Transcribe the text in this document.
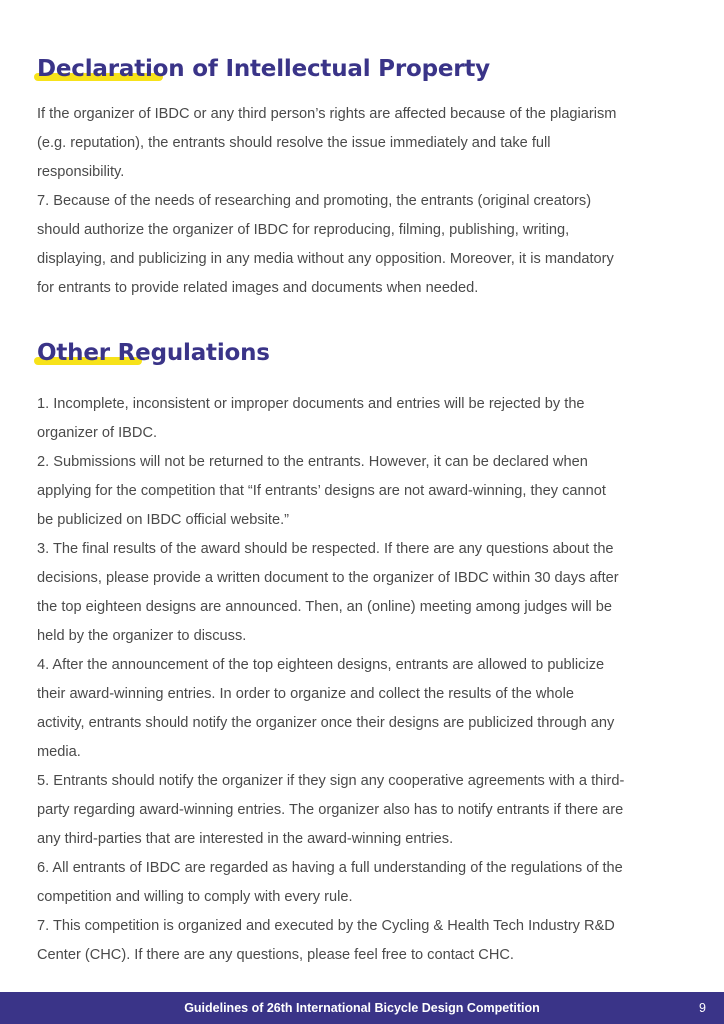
Declaration of Intellectual Property
If the organizer of IBDC or any third person’s rights are affected because of the plagiarism
(e.g. reputation), the entrants should resolve the issue immediately and take full
responsibility.
7. Because of the needs of researching and promoting, the entrants (original creators)
should authorize the organizer of IBDC for reproducing, filming, publishing, writing,
displaying, and publicizing in any media without any opposition. Moreover, it is mandatory
for entrants to provide related images and documents when needed.
Other Regulations
1. Incomplete, inconsistent or improper documents and entries will be rejected by the
organizer of IBDC.
2. Submissions will not be returned to the entrants. However, it can be declared when
applying for the competition that “If entrants’ designs are not award-winning, they cannot
be publicized on IBDC official website.”
3. The final results of the award should be respected. If there are any questions about the
decisions, please provide a written document to the organizer of IBDC within 30 days after
the top eighteen designs are announced. Then, an (online) meeting among judges will be
held by the organizer to discuss.
4. After the announcement of the top eighteen designs, entrants are allowed to publicize
their award-winning entries. In order to organize and collect the results of the whole
activity, entrants should notify the organizer once their designs are publicized through any
media.
5. Entrants should notify the organizer if they sign any cooperative agreements with a third-
party regarding award-winning entries. The organizer also has to notify entrants if there are
any third-parties that are interested in the award-winning entries.
6. All entrants of IBDC are regarded as having a full understanding of the regulations of the
competition and willing to comply with every rule.
7. This competition is organized and executed by the Cycling & Health Tech Industry R&D
Center (CHC). If there are any questions, please feel free to contact CHC.
Guidelines of 26th International Bicycle Design Competition	9
